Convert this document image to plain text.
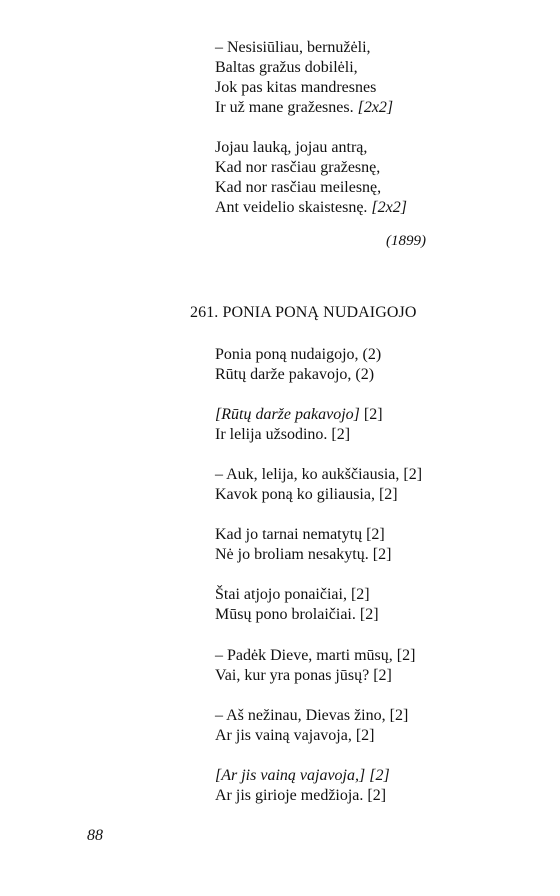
– Nesisiūliau, bernužėli,
Baltas gražus dobilėli,
Jok pas kitas mandresnes
Ir už mane gražesnes. [2x2]
Jojau lauką, jojau antrą,
Kad nor rasčiau gražesnę,
Kad nor rasčiau meilesnę,
Ant veidelio skaistesnę. [2x2]
(1899)
261. PONIA PONĄ NUDAIGOJO
Ponia poną nudaigojo, (2)
Rūtų darže pakavojo, (2)
[Rūtų darže pakavojo] [2]
Ir lelija užsodino. [2]
– Auk, lelija, ko aukščiausia, [2]
Kavok poną ko giliausia, [2]
Kad jo tarnai nematytų [2]
Nė jo broliam nesakytų. [2]
Štai atjojo ponaičiai, [2]
Mūsų pono brolaičiai. [2]
– Padėk Dieve, marti mūsų, [2]
Vai, kur yra ponas jūsų? [2]
– Aš nežinau, Dievas žino, [2]
Ar jis vainą vajavoja, [2]
[Ar jis vainą vajavoja,] [2]
Ar jis girioje medžioja. [2]
88
